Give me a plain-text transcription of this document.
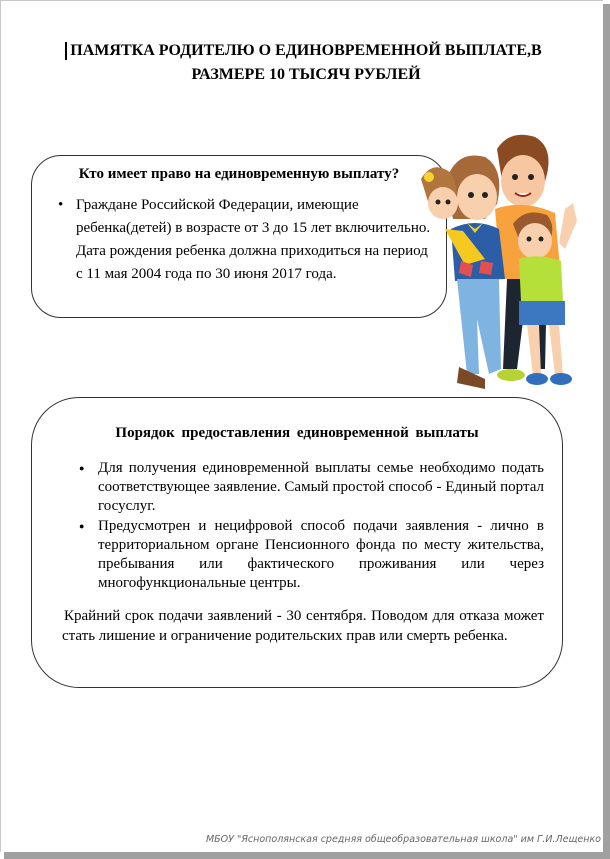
ПАМЯТКА РОДИТЕЛЮ О ЕДИНОВРЕМЕННОЙ ВЫПЛАТЕ,В РАЗМЕРЕ 10 ТЫСЯЧ РУБЛЕЙ
Кто имеет право на единовременную выплату?
• Граждане Российской Федерации, имеющие ребенка(детей) в возрасте от 3 до 15 лет включительно. Дата рождения ребенка должна приходиться на период с 11 мая 2004 года по 30 июня 2017 года.
Порядок предоставления единовременной выплаты
● Для получения единовременной выплаты семье необходимо подать соответствующее заявление. Самый простой способ - Единый портал госуслуг.
● Предусмотрен и нецифровой способ подачи заявления - лично в территориальном органе Пенсионного фонда по месту жительства, пребывания или фактического проживания или через многофункциональные центры.

Крайний срок подачи заявлений - 30 сентября. Поводом для отказа может стать лишение и ограничение родительских прав или смерть ребенка.

МБОУ "Яснополянская средняя общеобразовательная школа" им Г.И.Лещенко
